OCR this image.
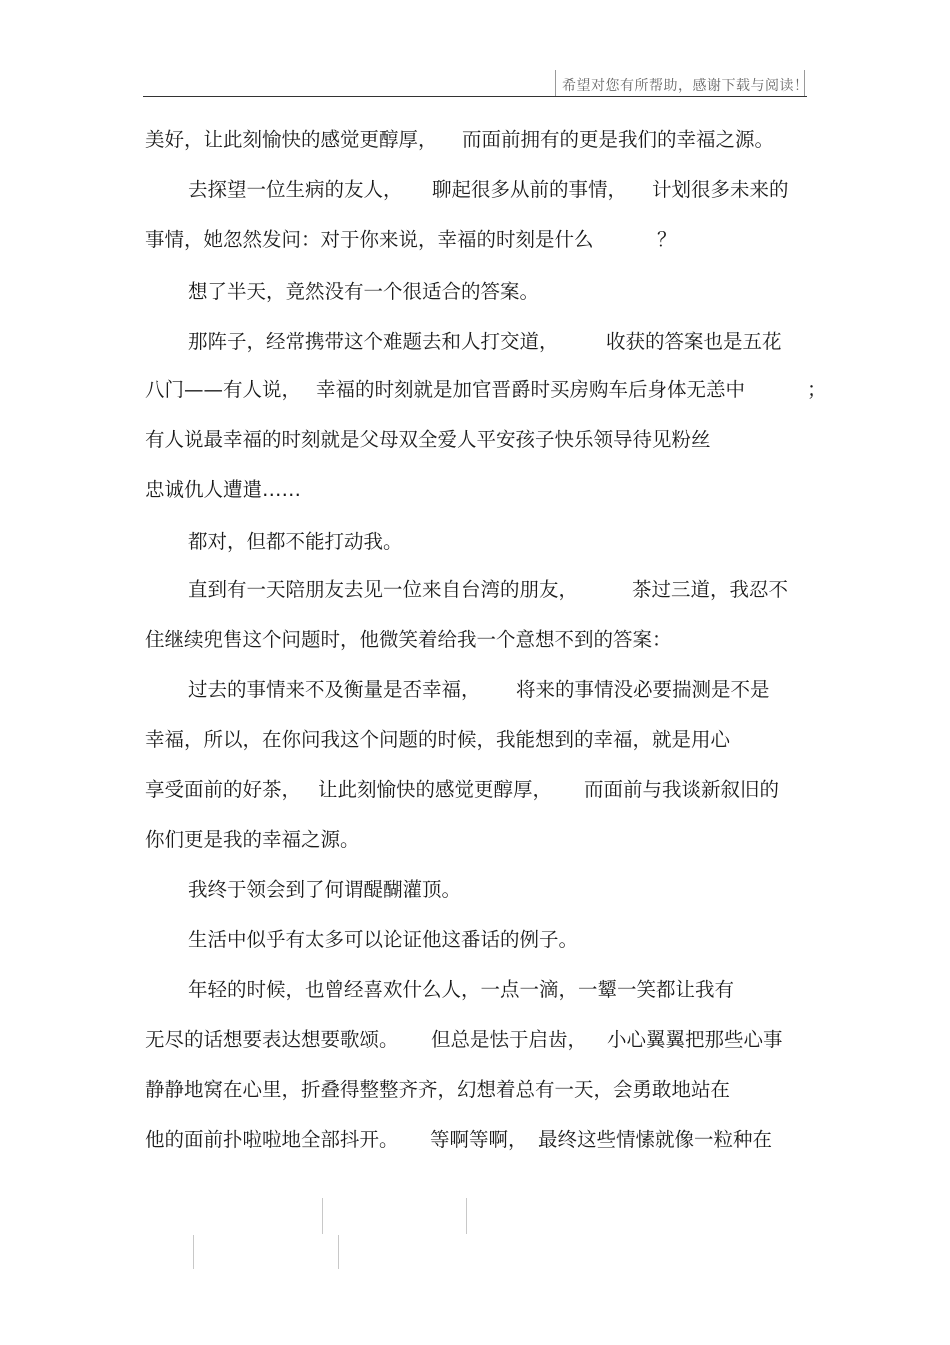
希望对您有所帮助，感谢下载与阅读！
美好，让此刻愉快的感觉更醇厚， 而面前拥有的更是我们的幸福之源。
去探望一位生病的友人， 聊起很多从前的事情， 计划很多未来的
事情，她忽然发问：对于你来说，幸福的时刻是什么	？
想了半天，竟然没有一个很适合的答案。
那阵子，经常携带这个难题去和人打交道， 收获的答案也是五花
八门——有人说， 幸福的时刻就是加官晋爵时买房购车后身体无恙中	；
有人说最幸福的时刻就是父母双全爱人平安孩子快乐领导待见粉丝
忠诚仇人遭遣……
都对，但都不能打动我。
直到有一天陪朋友去见一位来自台湾的朋友，	茶过三道，我忍不
住继续兜售这个问题时，他微笑着给我一个意想不到的答案：
过去的事情来不及衡量是否幸福， 将来的事情没必要揣测是不是
幸福，所以，在你问我这个问题的时候，我能想到的幸福，就是用心
享受面前的好茶， 让此刻愉快的感觉更醇厚， 而面前与我谈新叙旧的
你们更是我的幸福之源。
我终于领会到了何谓醍醐灌顶。
生活中似乎有太多可以论证他这番话的例子。
年轻的时候，也曾经喜欢什么人，一点一滴，一颦一笑都让我有
无尽的话想要表达想要歌颂。 但总是怯于启齿， 小心翼翼把那些心事
静静地窝在心里，折叠得整整齐齐，幻想着总有一天，会勇敢地站在
他的面前扑啦啦地全部抖开。 等啊等啊， 最终这些情愫就像一粒种在
